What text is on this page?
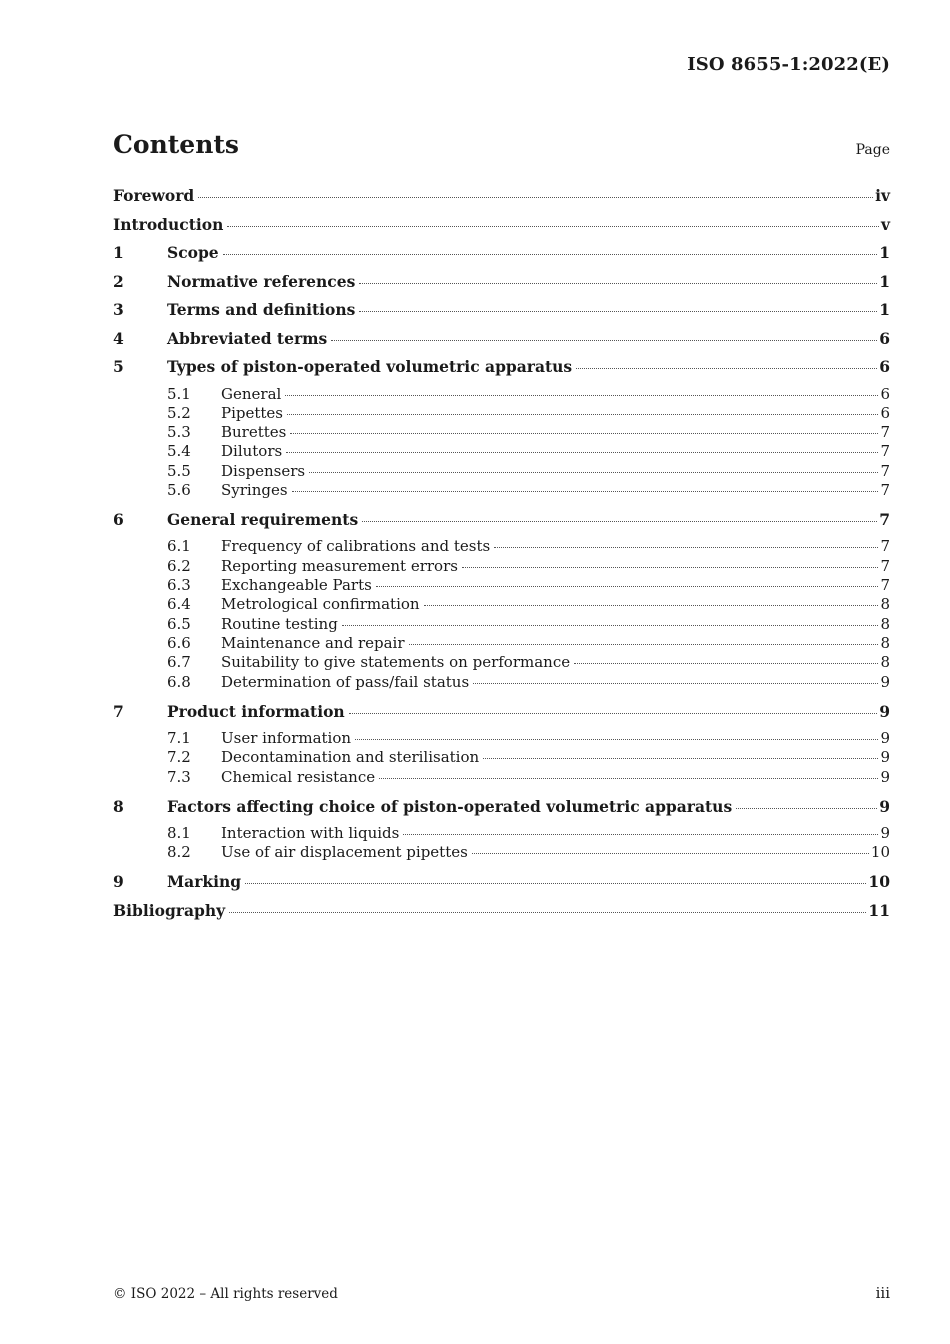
ISO 8655-1:2022(E)
Contents	Page
Foreword	iv
Introduction	v
1	Scope	1
2	Normative references	1
3	Terms and definitions	1
4	Abbreviated terms	6
5	Types of piston-operated volumetric apparatus	6
5.1	General	6
5.2	Pipettes	6
5.3	Burettes	7
5.4	Dilutors	7
5.5	Dispensers	7
5.6	Syringes	7
6	General requirements	7
6.1	Frequency of calibrations and tests	7
6.2	Reporting measurement errors	7
6.3	Exchangeable Parts	7
6.4	Metrological confirmation	8
6.5	Routine testing	8
6.6	Maintenance and repair	8
6.7	Suitability to give statements on performance	8
6.8	Determination of pass/fail status	9
7	Product information	9
7.1	User information	9
7.2	Decontamination and sterilisation	9
7.3	Chemical resistance	9
8	Factors affecting choice of piston-operated volumetric apparatus	9
8.1	Interaction with liquids	9
8.2	Use of air displacement pipettes	10
9	Marking	10
Bibliography	11
© ISO 2022 – All rights reserved	iii
